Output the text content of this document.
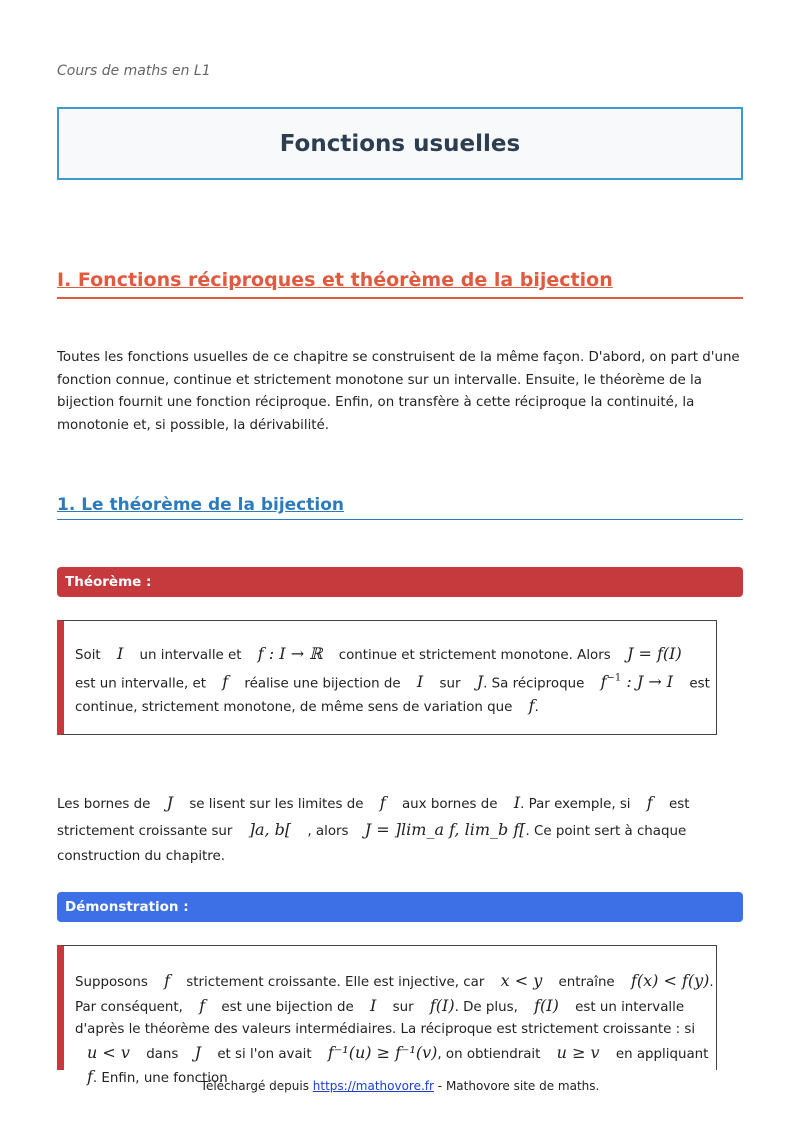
Cours de maths en L1
Fonctions usuelles
I. Fonctions réciproques et théorème de la bijection
Toutes les fonctions usuelles de ce chapitre se construisent de la même façon. D'abord, on part d'une fonction connue, continue et strictement monotone sur un intervalle. Ensuite, le théorème de la bijection fournit une fonction réciproque. Enfin, on transfère à cette réciproque la continuité, la monotonie et, si possible, la dérivabilité.
1. Le théorème de la bijection
Théorème :
Soit I un intervalle et f : I → ℝ continue et strictement monotone. Alors J = f(I) est un intervalle, et f réalise une bijection de I sur J. Sa réciproque $f^{-1}$ : J → I est continue, strictement monotone, de même sens de variation que f.
Les bornes de J se lisent sur les limites de f aux bornes de I. Par exemple, si f est strictement croissante sur ]a, b[ , alors J = ]lim_a f, lim_b f[. Ce point sert à chaque construction du chapitre.
Démonstration :
Supposons f strictement croissante. Elle est injective, car x < y entraîne f(x) < f(y). Par conséquent, f est une bijection de I sur f(I). De plus, f(I) est un intervalle d'après le théorème des valeurs intermédiaires. La réciproque est strictement croissante : si u < v dans J et si l'on avait f⁻¹(u) ≥ f⁻¹(v), on obtiendrait u ≥ v en appliquant f. Enfin, une fonction
Téléchargé depuis https://mathovore.fr - Mathovore site de maths.
